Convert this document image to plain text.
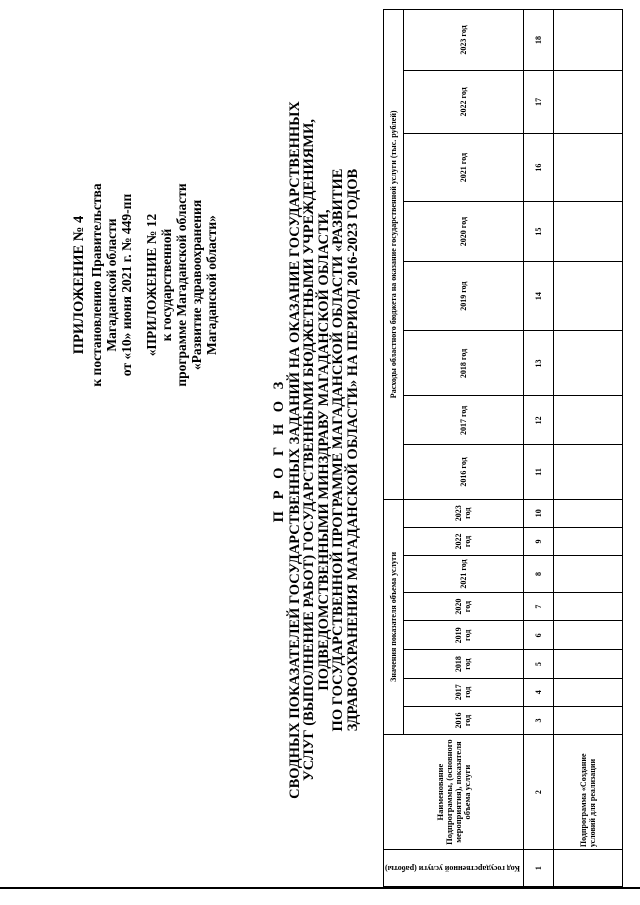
ПРИЛОЖЕНИЕ № 4 к постановлению Правительства Магаданской области от «10» июня 2021 г. № 449-пп «ПРИЛОЖЕНИЕ № 12 к государственной программе Магаданской области «Развитие здравоохранения Магаданской области»
П Р О Г Н О З СВОДНЫХ ПОКАЗАТЕЛЕЙ ГОСУДАРСТВЕННЫХ ЗАДАНИЙ НА ОКАЗАНИЕ ГОСУДАРСТВЕННЫХ
УСЛУГ (ВЫПОЛНЕНИЕ РАБОТ) ГОСУДАРСТВЕННЫМИ БЮДЖЕТНЫМИ УЧРЕЖДЕНИЯМИ,
ПОДВЕДОМСТВЕННЫМИ МИНЗДРАВУ МАГАДАНСКОЙ ОБЛАСТИ,
ПО ГОСУДАРСТВЕННОЙ ПРОГРАММЕ МАГАДАНСКОЙ ОБЛАСТИ «РАЗВИТИЕ
ЗДРАВООХРАНЕНИЯ МАГАДАНСКОЙ ОБЛАСТИ» НА ПЕРИОД 2016-2023 ГОДОВ
Код государственной услуги (работы)	Наименование Подпрограммы, (основного мероприятия), показателя объема услуги	Значения показателя объема услуги								Расходы областного бюджета на оказание государственной услуги (тыс. рублей)							
		2016 год	2017 год	2018 год	2019 год	2020 год	2021 год	2022 год	2023 год	2016 год	2017 год	2018 год	2019 год	2020 год	2021 год	2022 год	2023 год
1	2	3	4	5	6	7	8	9	10	11	12	13	14	15	16	17	18
	Подпрограмма «Создание условий для реализации																
